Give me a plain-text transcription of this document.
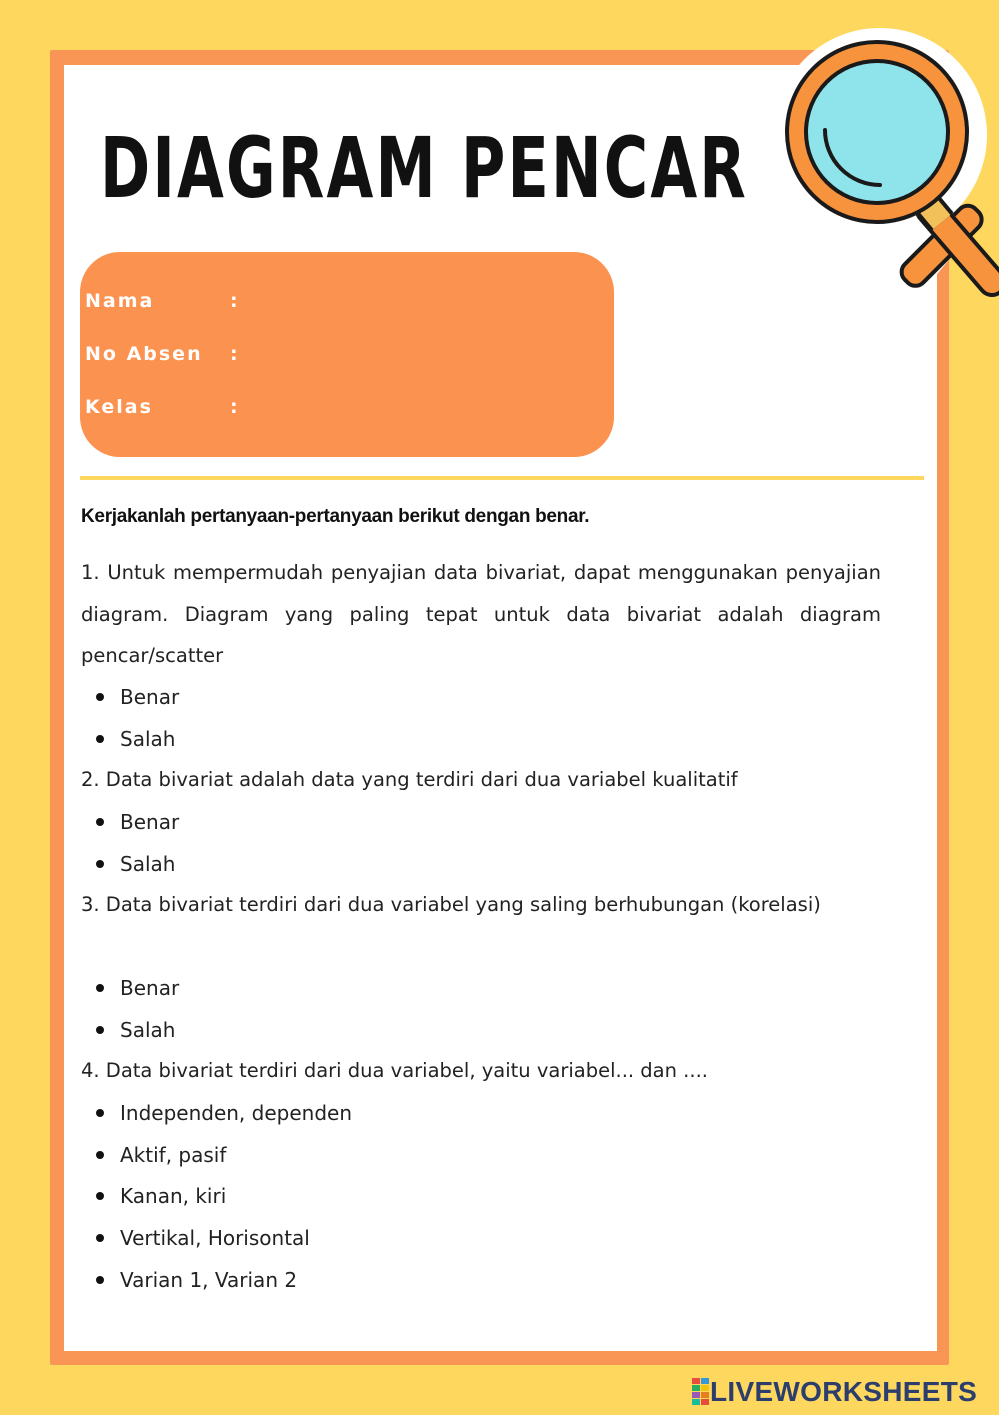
DIAGRAM PENCAR
Nama	:
No Absen :
Kelas	:
Kerjakanlah pertanyaan-pertanyaan berikut dengan benar.
1. Untuk mempermudah penyajian data bivariat, dapat menggunakan penyajian diagram. Diagram yang paling tepat untuk data bivariat adalah diagram pencar/scatter
Benar
Salah
2. Data bivariat adalah data yang terdiri dari dua variabel kualitatif
Benar
Salah
3. Data bivariat terdiri dari dua variabel yang saling berhubungan (korelasi)
Benar
Salah
4. Data bivariat terdiri dari dua variabel, yaitu variabel... dan ....
Independen, dependen
Aktif, pasif
Kanan, kiri
Vertikal, Horisontal
Varian 1, Varian 2
LIVEWORKSHEETS
